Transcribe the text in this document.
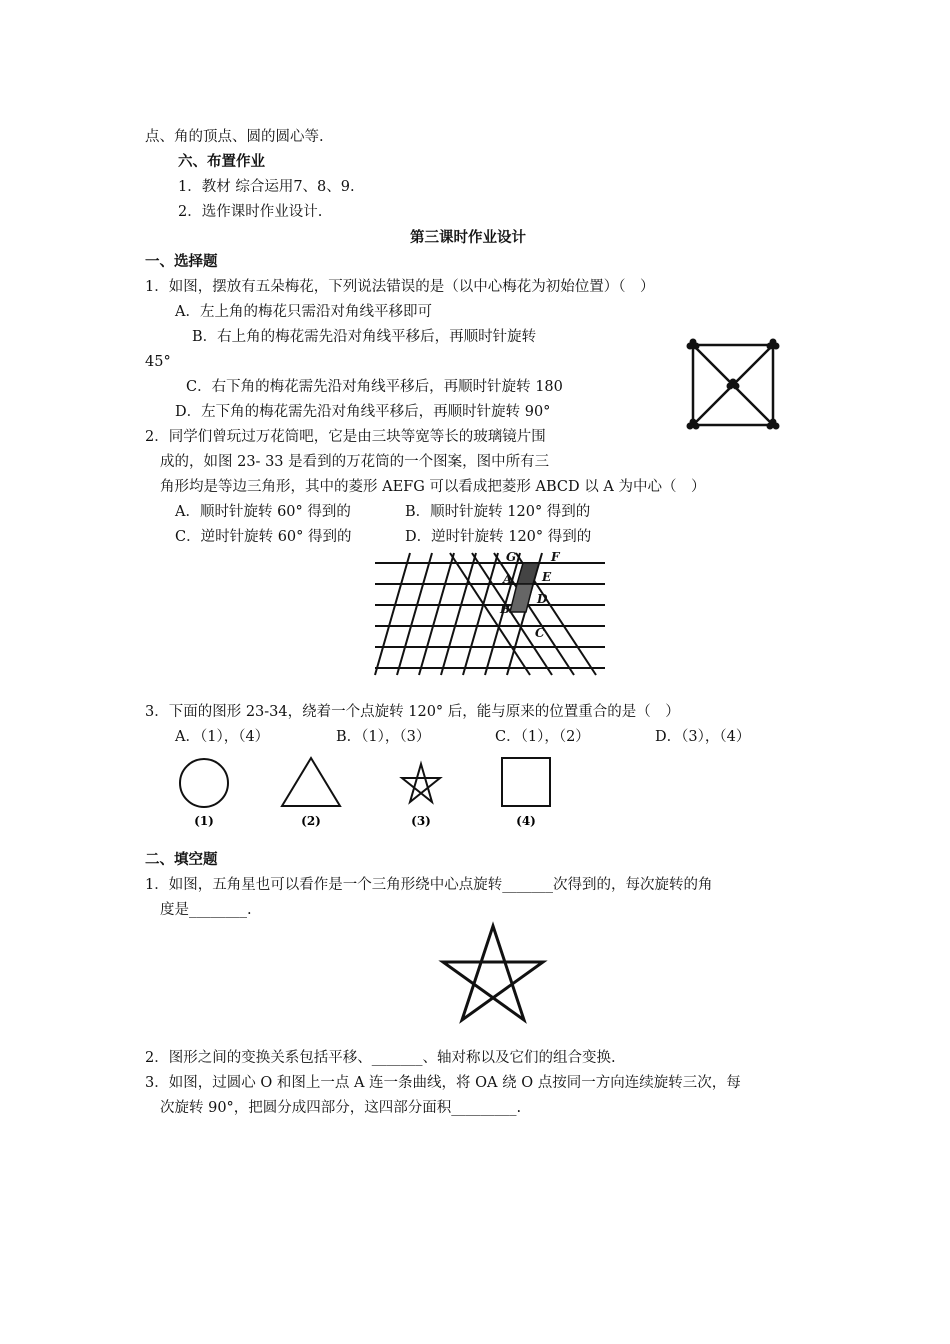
点、角的顶点、圆的圆心等.
六、布置作业
1．教材 综合运用7、8、9.
2．选作课时作业设计.
第三课时作业设计
一、选择题
1．如图，摆放有五朵梅花，下列说法错误的是（以中心梅花为初始位置）（　）
A．左上角的梅花只需沿对角线平移即可
B．右上角的梅花需先沿对角线平移后，再顺时针旋转
45°
C．右下角的梅花需先沿对角线平移后，再顺时针旋转 180
D．左下角的梅花需先沿对角线平移后，再顺时针旋转 90°
2．同学们曾玩过万花筒吧，它是由三块等宽等长的玻璃镜片围
成的，如图 23- 33 是看到的万花筒的一个图案，图中所有三
角形均是等边三角形，其中的菱形 AEFG 可以看成把菱形 ABCD 以 A 为中心（　）
A．顺时针旋转 60° 得到的	B．顺时针旋转 120° 得到的
C．逆时针旋转 60° 得到的	D．逆时针旋转 120° 得到的
G	F
A E
D
B
C
3．下面的图形 23-34，绕着一个点旋转 120° 后，能与原来的位置重合的是（　）
A．（1），（4）	B．（1），（3）	C．（1），（2）	D．（3），（4）
(1)	(2)	(3)	(4)
二、填空题
1．如图，五角星也可以看作是一个三角形绕中心点旋转_______次得到的，每次旋转的角
度是________.
2．图形之间的变换关系包括平移、_______、轴对称以及它们的组合变换.
3．如图，过圆心 O 和图上一点 A 连一条曲线，将 OA 绕 O 点按同一方向连续旋转三次，每
次旋转 90°，把圆分成四部分，这四部分面积_________.
